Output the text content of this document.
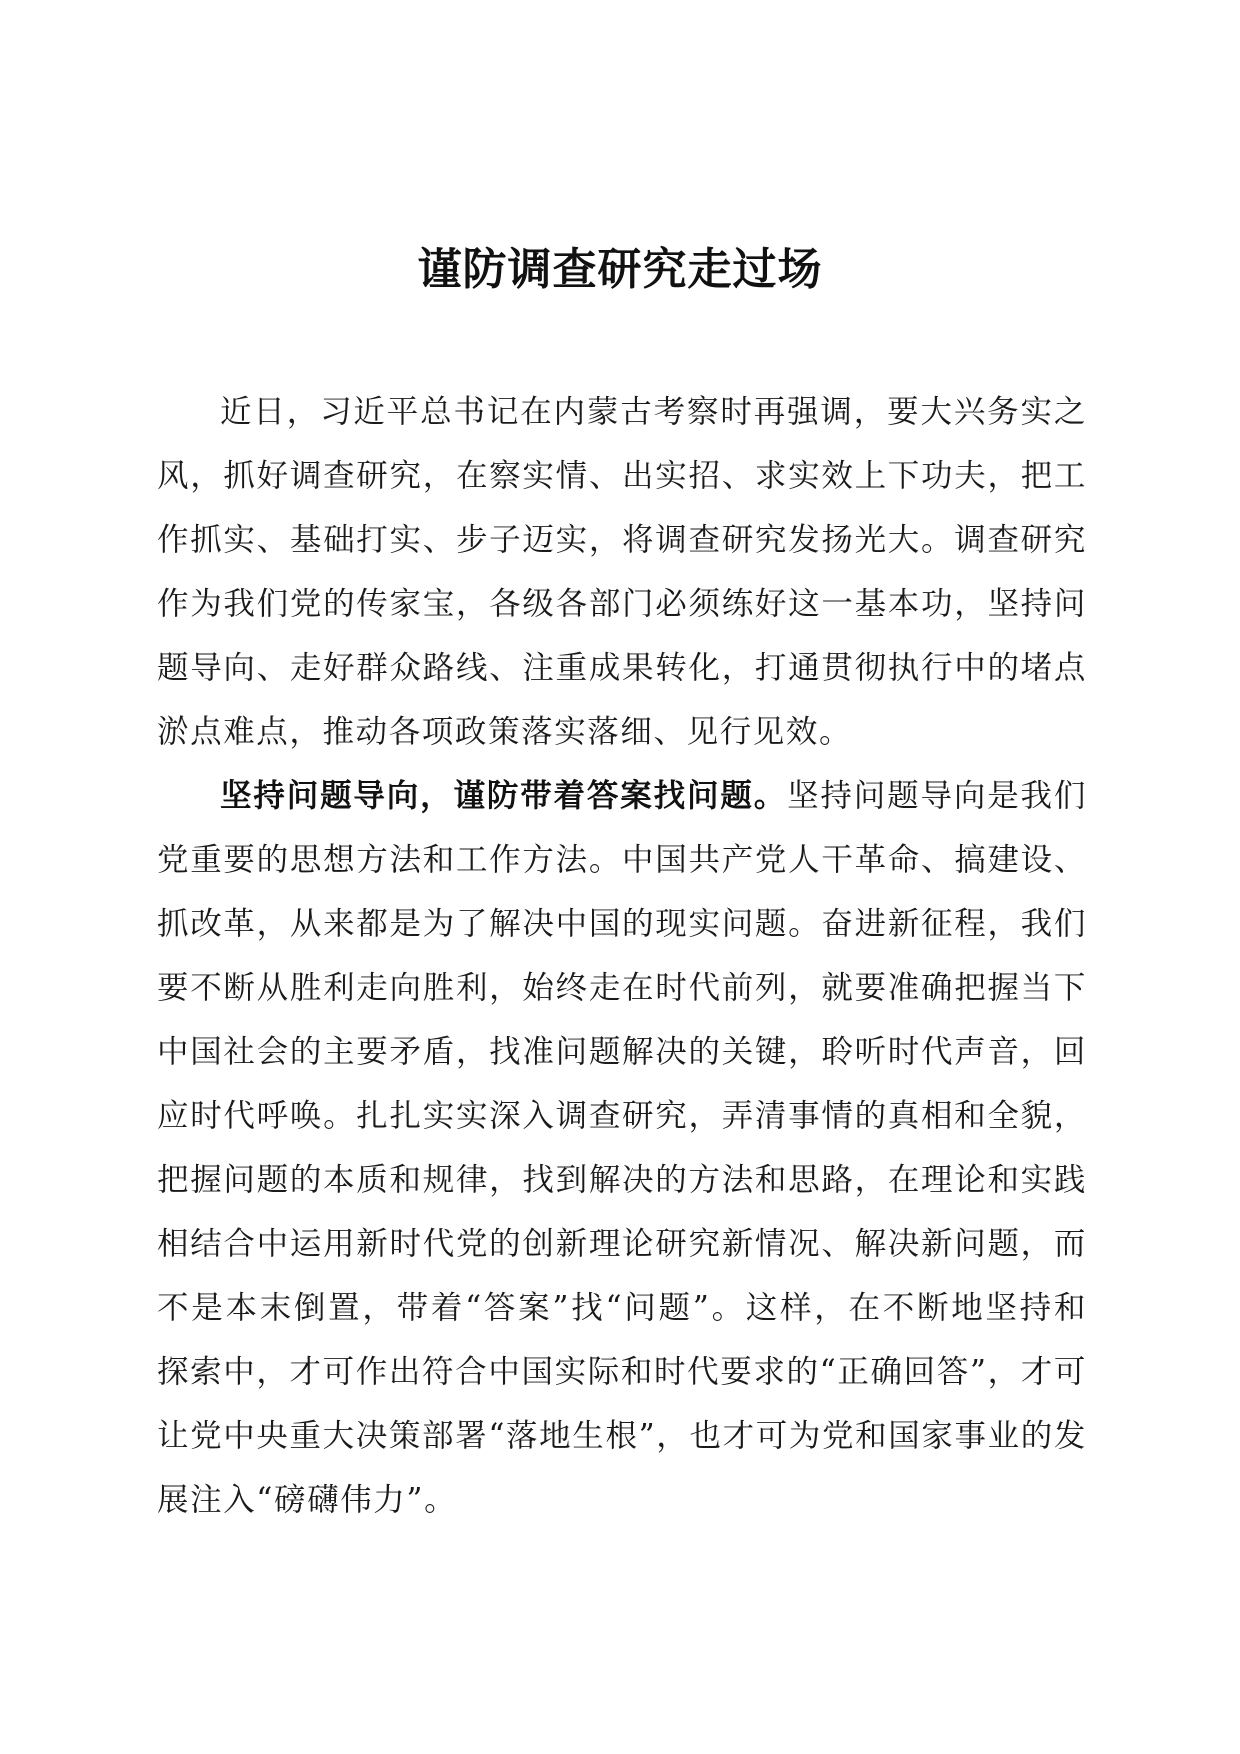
谨防调查研究走过场

近日，习近平总书记在内蒙古考察时再强调，要大兴务实之风，抓好调查研究，在察实情、出实招、求实效上下功夫，把工作抓实、基础打实、步子迈实，将调查研究发扬光大。调查研究作为我们党的传家宝，各级各部门必须练好这一基本功，坚持问题导向、走好群众路线、注重成果转化，打通贯彻执行中的堵点淤点难点，推动各项政策落实落细、见行见效。

坚持问题导向，谨防带着答案找问题。坚持问题导向是我们党重要的思想方法和工作方法。中国共产党人干革命、搞建设、抓改革，从来都是为了解决中国的现实问题。奋进新征程，我们要不断从胜利走向胜利，始终走在时代前列，就要准确把握当下中国社会的主要矛盾，找准问题解决的关键，聆听时代声音，回应时代呼唤。扎扎实实深入调查研究，弄清事情的真相和全貌，把握问题的本质和规律，找到解决的方法和思路，在理论和实践相结合中运用新时代党的创新理论研究新情况、解决新问题，而不是本末倒置，带着“答案”找“问题”。这样，在不断地坚持和探索中，才可作出符合中国实际和时代要求的“正确回答”，才可让党中央重大决策部署“落地生根”，也才可为党和国家事业的发展注入“磅礴伟力”。
